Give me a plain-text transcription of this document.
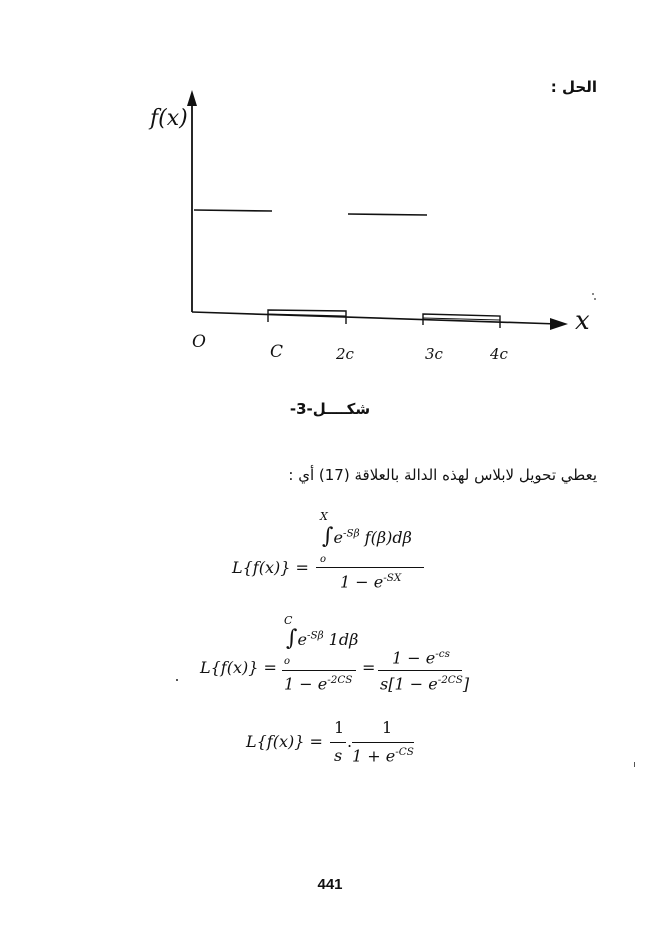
الحل :
f(x)
x
O	C	2c	3c	4c
شكــــل-3-
يعطي تحويل لابلاس لهذه الدالة بالعلاقة (17) أي :
X
$\int e^{-S\beta}$ f(β)dβ
o
L{f(x)} =
$1 - e^{-SX}$
C
$\int e^{-S\beta}$ 1dβ
o
L{f(x)} =
$1 - e^{-2CS}$
=
$1 - e^{-cs}$
$s[1 - e^{-2CS}]$
L{f(x)} =
1
s
.
1
$1 + e^{-CS}$
441
